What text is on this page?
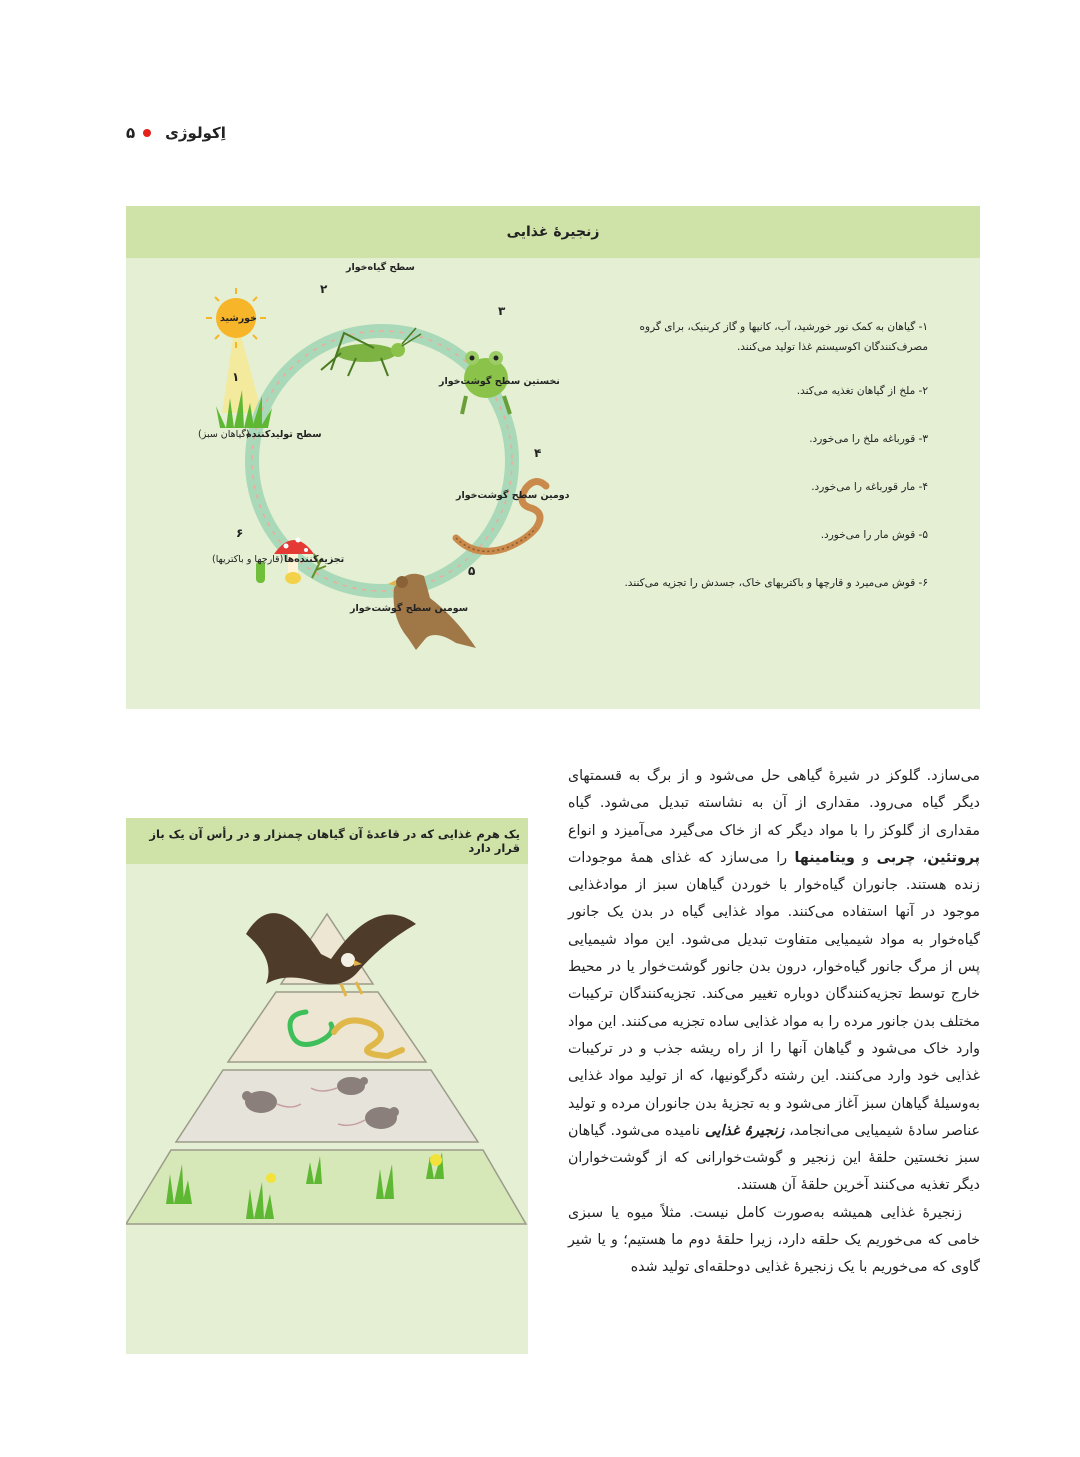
۵ اِکولوژی
زنجیرهٔ غذایی
۱- گیاهان به کمک نور خورشید، آب، کانیها و گاز کربنیک، برای گروه مصرف‌کنندگان اکوسیستم غذا تولید می‌کنند.
۲- ملخ از گیاهان تغذیه می‌کند.
۳- قورباغه ملخ را می‌خورد.
۴- مار قورباغه را می‌خورد.
۵- قوش مار را می‌خورد.
۶- قوش می‌میرد و قارچها و باکتریهای خاک، جسدش را تجزیه می‌کنند.
خورشید
۱
سطح تولیدکننده
(گیاهان سبز)
سطح گیاه‌خوار
۲
۳
نخستین سطح گوشت‌خوار
۴
دومین سطح گوشت‌خوار
۵
سومین سطح گوشت‌خوار
۶
تجزیه‌کننده‌ها
(قارچها و باکتریها)
یک هرم غذایی که در قاعدهٔ آن گیاهان چمنزار و در رأس آن یک باز قرار دارد

می‌سازد. گلوکز در شیرهٔ گیاهی حل می‌شود و از برگ به قسمتهای دیگر گیاه می‌رود. مقداری از آن به نشاسته تبدیل می‌شود. گیاه مقداری از گلوکز را با مواد دیگر که از خاک می‌گیرد می‌آمیزد و انواع پروتئین، چربی و ویتامینها را می‌سازد که غذای همهٔ موجودات زنده هستند. جانوران گیاه‌خوار با خوردن گیاهان سبز از موادغذایی موجود در آنها استفاده می‌کنند. مواد غذایی گیاه در بدن یک جانور گیاه‌خوار به مواد شیمیایی متفاوت تبدیل می‌شود. این مواد شیمیایی پس از مرگ جانور گیاه‌خوار، درون بدن جانور گوشت‌خوار یا در محیط خارج توسط تجزیه‌کنندگان دوباره تغییر می‌کند. تجزیه‌کنندگان ترکیبات مختلف بدن جانور مرده را به مواد غذایی ساده تجزیه می‌کنند. این مواد وارد خاک می‌شود و گیاهان آنها را از راه ریشه جذب و در ترکیبات غذایی خود وارد می‌کنند. این رشته دگرگونیها، که از تولید مواد غذایی به‌وسیلهٔ گیاهان سبز آغاز می‌شود و به تجزیهٔ بدن جانوران مرده و تولید عناصر سادهٔ شیمیایی می‌انجامد، زنجیرهٔ غذایی نامیده می‌شود. گیاهان سبز نخستین حلقهٔ این زنجیر و گوشت‌خوارانی که از گوشت‌خواران دیگر تغذیه می‌کنند آخرین حلقهٔ آن هستند.

زنجیرهٔ غذایی همیشه به‌صورت کامل نیست. مثلاً میوه یا سبزی خامی که می‌خوریم یک حلقه دارد، زیرا حلقهٔ دوم ما هستیم؛ و یا شیر گاوی که می‌خوریم با یک زنجیرهٔ غذایی دوحلقه‌ای تولید شده
